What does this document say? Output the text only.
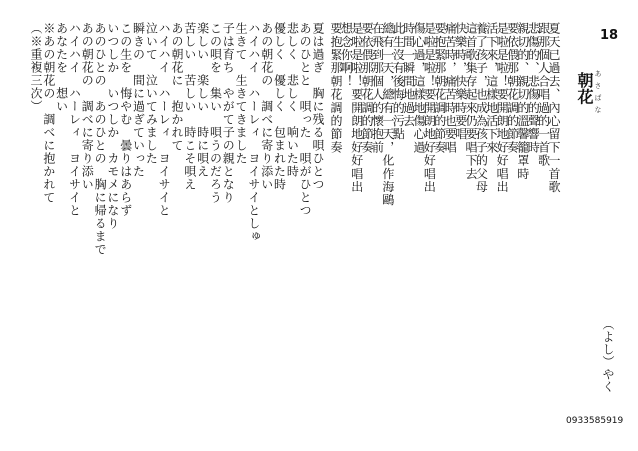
18
朝花 あさばな
（よし）やく
夏は過ぎ　胸に残る唄ひとつ
あのひとと　唄った　唄がひとつ
悲しく　悲しく　响いた時
優しく　優しく　包まれた時
あの朝花の　調べに寄り添い
ハイハイ　ハーレィ　ヨイサイとしゅ
生きて　生きてきました
子は育ち　やがて子の親となり
この唄を　集い　唄うのだろう
楽しい　楽しい　時に唄え
苦しい　苦しい　時こそ唄え
あの朝花に　抱かれて
ハイハイ　ハーレィ　ヨイサイと
泣いて　泣いてみました
瞬きの　間に過ぎていった
この生を　悔やむ　曇りはあらず
いつしか　いつしか　カモメになり
あのひとの　あのひとの　胸に帰るまで
あの朝花の　調べに寄り添い
ハイハイ　ハーレィ　ヨイサイと
あなたを　想い
※あの朝花の　調べに抱かれて
（※重複三次）	夏天已過去、內心留下一首歌
跟那個人合唱過的一首歌
悲傷的、悲傷的聲響時
親切的、親切的溫馨籠罩時
要依偎那朝花調的節奏
是啦是啦！要開朗地好好唱出
活下來，這樣地活下來
養了孩子，也成為孩子的父母
這首歌集存起來仍要唱下去
快樂時，快樂時要唱
痛苦時，痛苦時也要唱
要抱緊那朝花調的節奏
是啦是啦！要開朗地好好唱出
傷心過，這樣地傷心過
時間一瞬間地過去
此生沒有後悔的污點
總有一天，總有一天，化作海鷗
在飛到那個人的懷抱前
要依偎那朝花調的節奏
是啦是啦！要開朗地好好唱出
想念你啊！
要抱緊那朝花調的節奏
0933585919
